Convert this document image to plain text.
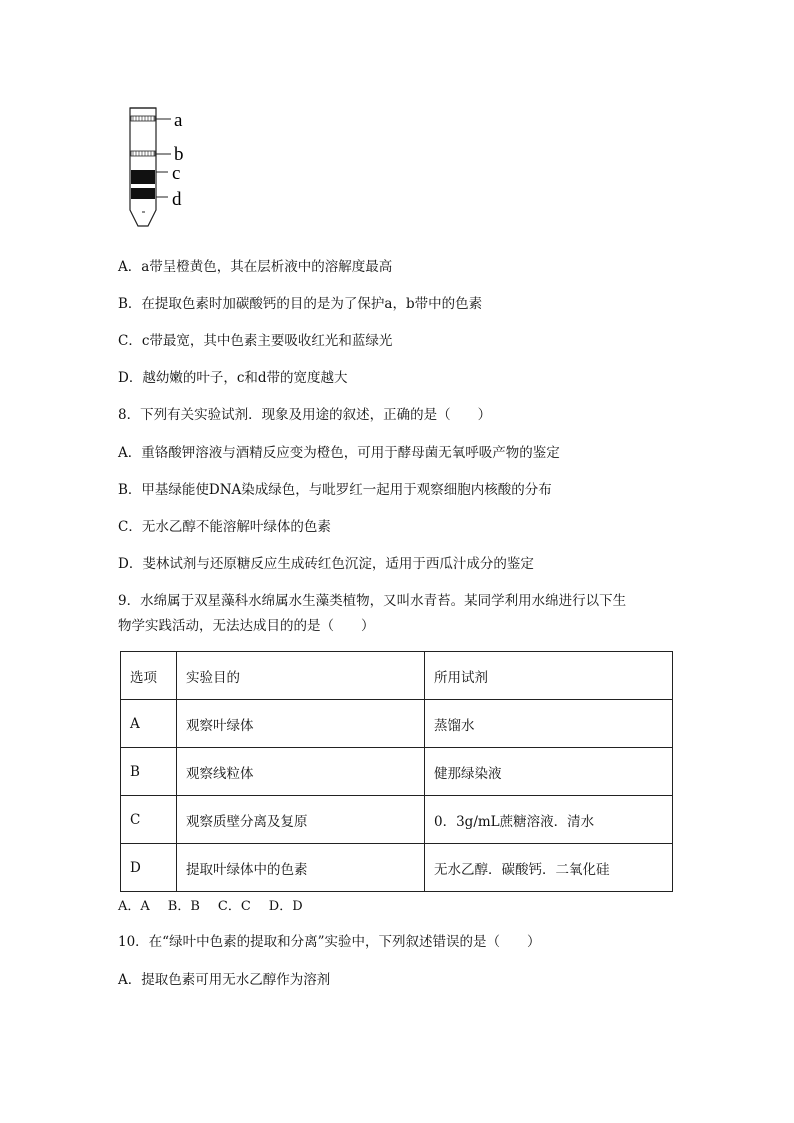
a
b
c
d
A．a带呈橙黄色，其在层析液中的溶解度最高
B．在提取色素时加碳酸钙的目的是为了保护a，b带中的色素
C．c带最宽，其中色素主要吸收红光和蓝绿光
D．越幼嫩的叶子，c和d带的宽度越大
8．下列有关实验试剂．现象及用途的叙述，正确的是（　　）
A．重铬酸钾溶液与酒精反应变为橙色，可用于酵母菌无氧呼吸产物的鉴定
B．甲基绿能使DNA染成绿色，与吡罗红一起用于观察细胞内核酸的分布
C．无水乙醇不能溶解叶绿体的色素
D．斐林试剂与还原糖反应生成砖红色沉淀，适用于西瓜汁成分的鉴定
9．水绵属于双星藻科水绵属水生藻类植物，又叫水青苔。某同学利用水绵进行以下生
物学实践活动，无法达成目的的是（　　）
选项	实验目的	所用试剂
A	观察叶绿体	蒸馏水
B	观察线粒体	健那绿染液
C	观察质壁分离及复原	0．3g/mL蔗糖溶液．清水
D	提取叶绿体中的色素	无水乙醇．碳酸钙．二氧化硅
A．A B．B C．C D．D
10．在“绿叶中色素的提取和分离”实验中，下列叙述错误的是（　　）
A．提取色素可用无水乙醇作为溶剂
